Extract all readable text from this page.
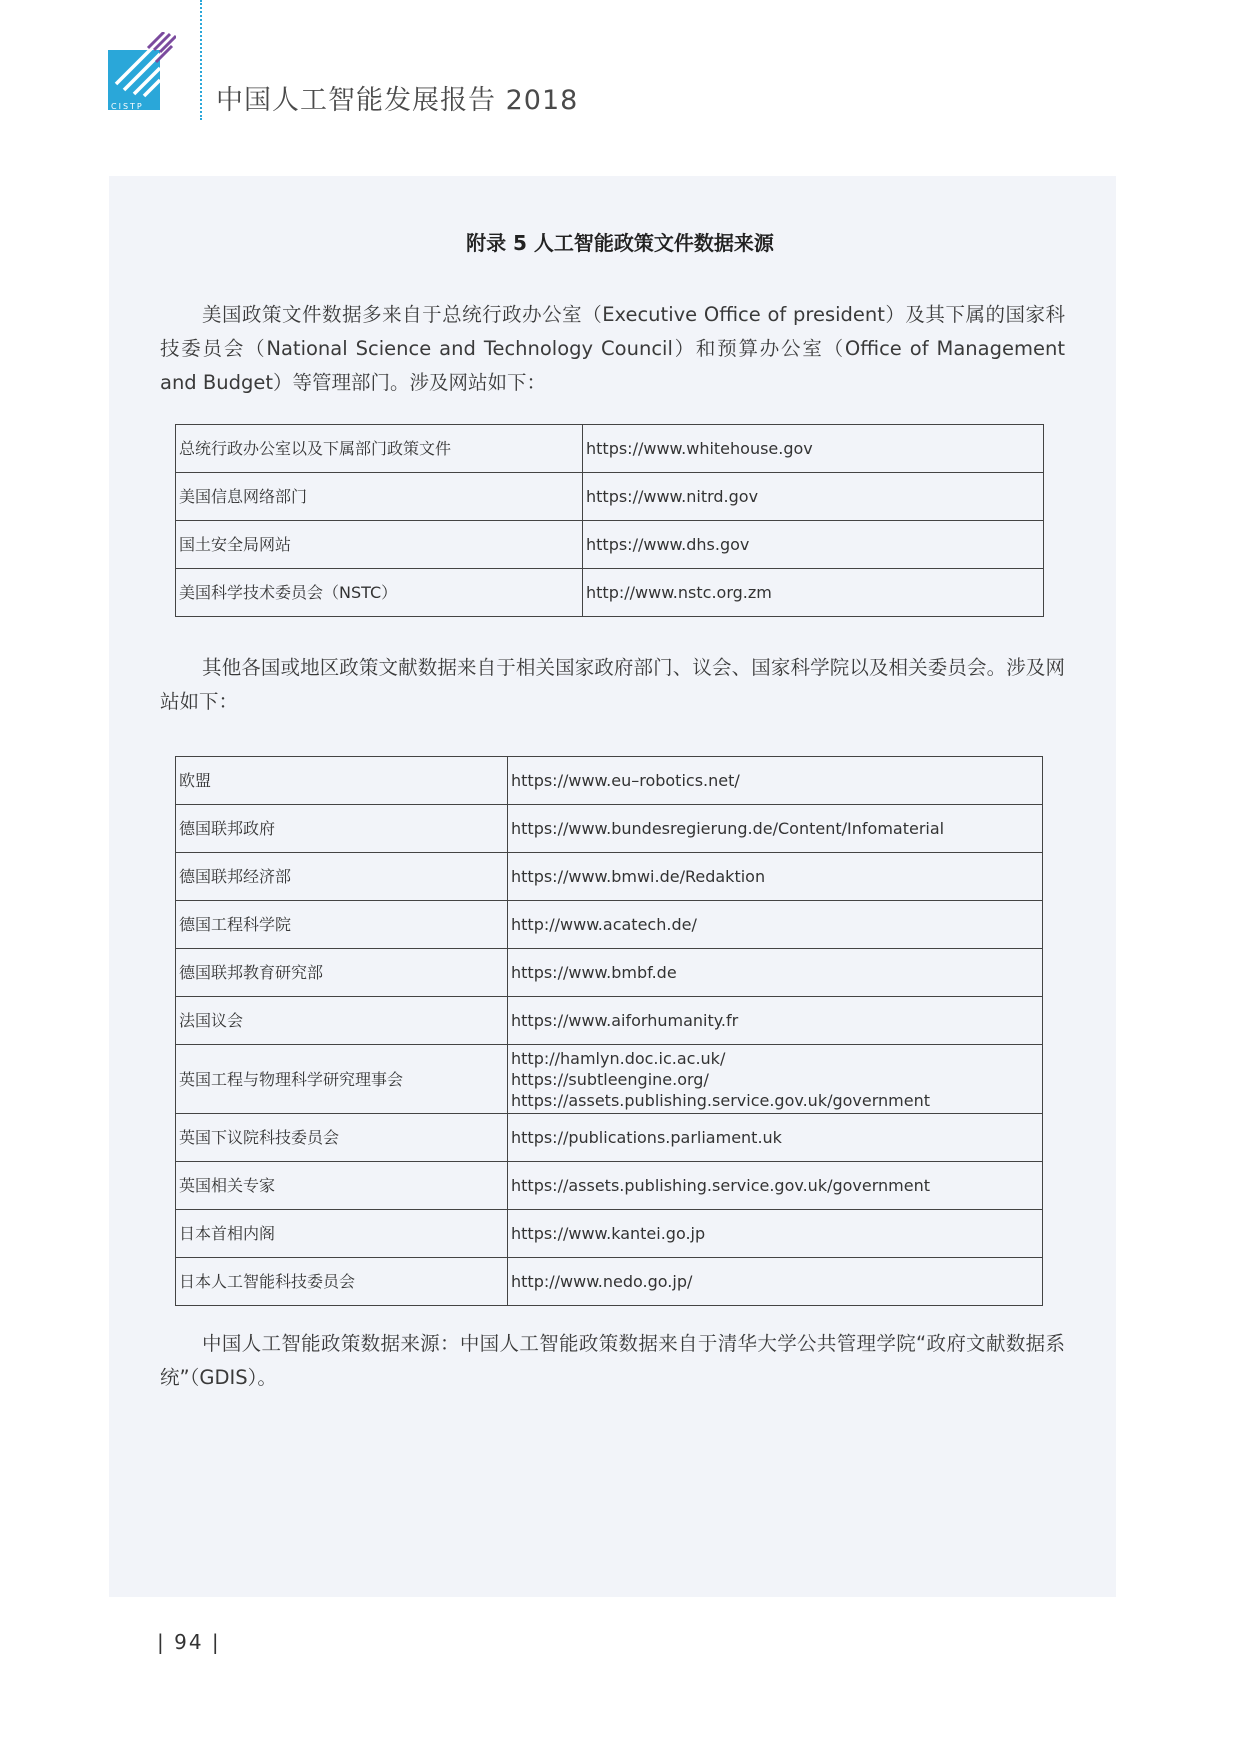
CISTP	中国人工智能发展报告 2018
附录 5 人工智能政策文件数据来源

美国政策文件数据多来自于总统行政办公室（Executive Office of president）及其下属的国家科技委员会（National Science and Technology Council）和预算办公室（Office of Management and Budget）等管理部门。涉及网站如下：

总统行政办公室以及下属部门政策文件	https://www.whitehouse.gov
美国信息网络部门	https://www.nitrd.gov
国土安全局网站	https://www.dhs.gov
美国科学技术委员会（NSTC）	http://www.nstc.org.zm

其他各国或地区政策文献数据来自于相关国家政府部门、议会、国家科学院以及相关委员会。涉及网站如下：

欧盟	https://www.eu–robotics.net/
德国联邦政府	https://www.bundesregierung.de/Content/Infomaterial
德国联邦经济部	https://www.bmwi.de/Redaktion
德国工程科学院	http://www.acatech.de/
德国联邦教育研究部	https://www.bmbf.de
法国议会	https://www.aiforhumanity.fr
英国工程与物理科学研究理事会	http://hamlyn.doc.ic.ac.uk/
https://subtleengine.org/
https://assets.publishing.service.gov.uk/government

英国下议院科技委员会	https://publications.parliament.uk
英国相关专家	https://assets.publishing.service.gov.uk/government
日本首相内阁	https://www.kantei.go.jp
日本人工智能科技委员会	http://www.nedo.go.jp/

中国人工智能政策数据来源：中国人工智能政策数据来自于清华大学公共管理学院“政府文献数据系统”（GDIS）。

| 94 |
